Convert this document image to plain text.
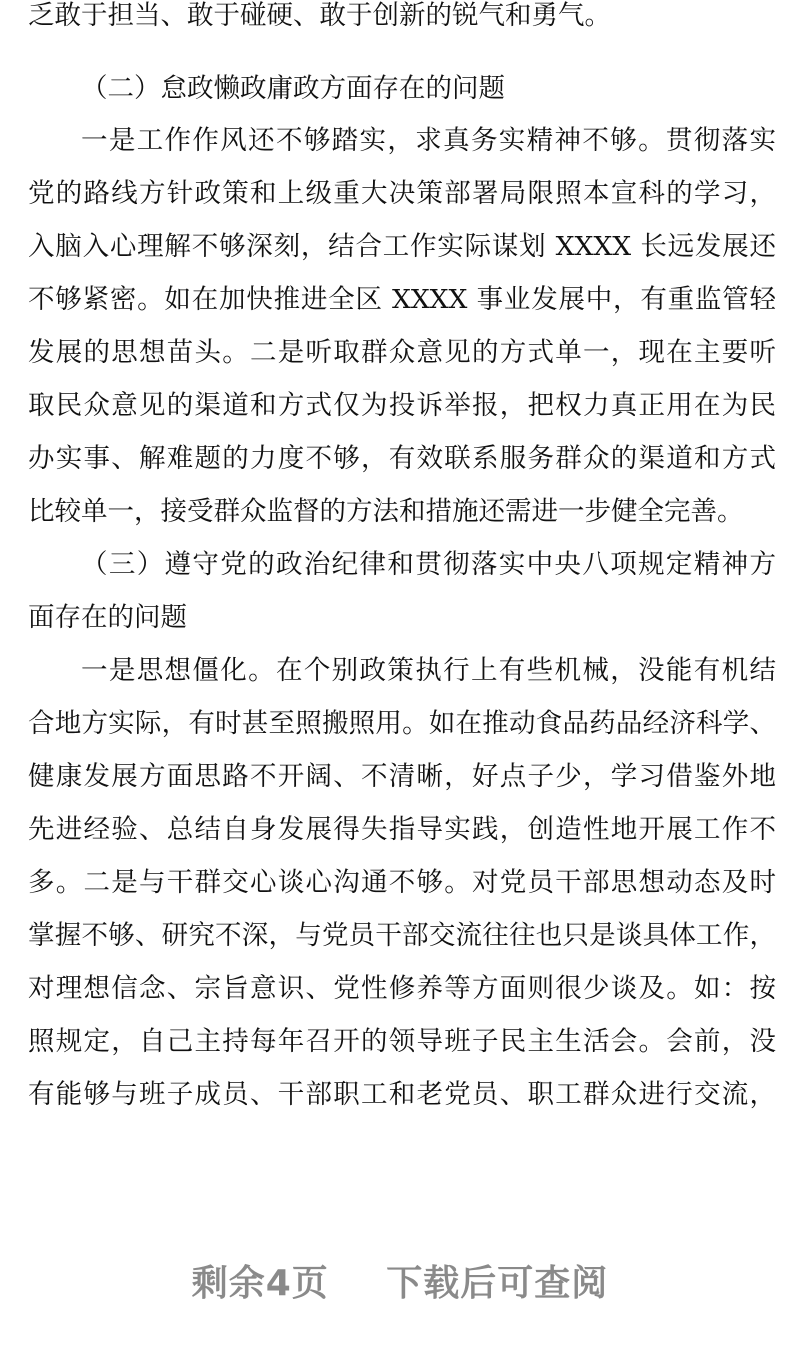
乏敢于担当、敢于碰硬、敢于创新的锐气和勇气。
（二）怠政懒政庸政方面存在的问题
一是工作作风还不够踏实，求真务实精神不够。贯彻落实
党的路线方针政策和上级重大决策部署局限照本宣科的学习，
入脑入心理解不够深刻，结合工作实际谋划 XXXX 长远发展还
不够紧密。如在加快推进全区 XXXX 事业发展中，有重监管轻
发展的思想苗头。二是听取群众意见的方式单一，现在主要听
取民众意见的渠道和方式仅为投诉举报，把权力真正用在为民
办实事、解难题的力度不够，有效联系服务群众的渠道和方式
比较单一，接受群众监督的方法和措施还需进一步健全完善。
（三）遵守党的政治纪律和贯彻落实中央八项规定精神方
面存在的问题
一是思想僵化。在个别政策执行上有些机械，没能有机结
合地方实际，有时甚至照搬照用。如在推动食品药品经济科学、
健康发展方面思路不开阔、不清晰，好点子少，学习借鉴外地
先进经验、总结自身发展得失指导实践，创造性地开展工作不
多。二是与干群交心谈心沟通不够。对党员干部思想动态及时
掌握不够、研究不深，与党员干部交流往往也只是谈具体工作，
对理想信念、宗旨意识、党性修养等方面则很少谈及。如：按
照规定，自己主持每年召开的领导班子民主生活会。会前，没
有能够与班子成员、干部职工和老党员、职工群众进行交流，
剩余4页 下载后可查阅
